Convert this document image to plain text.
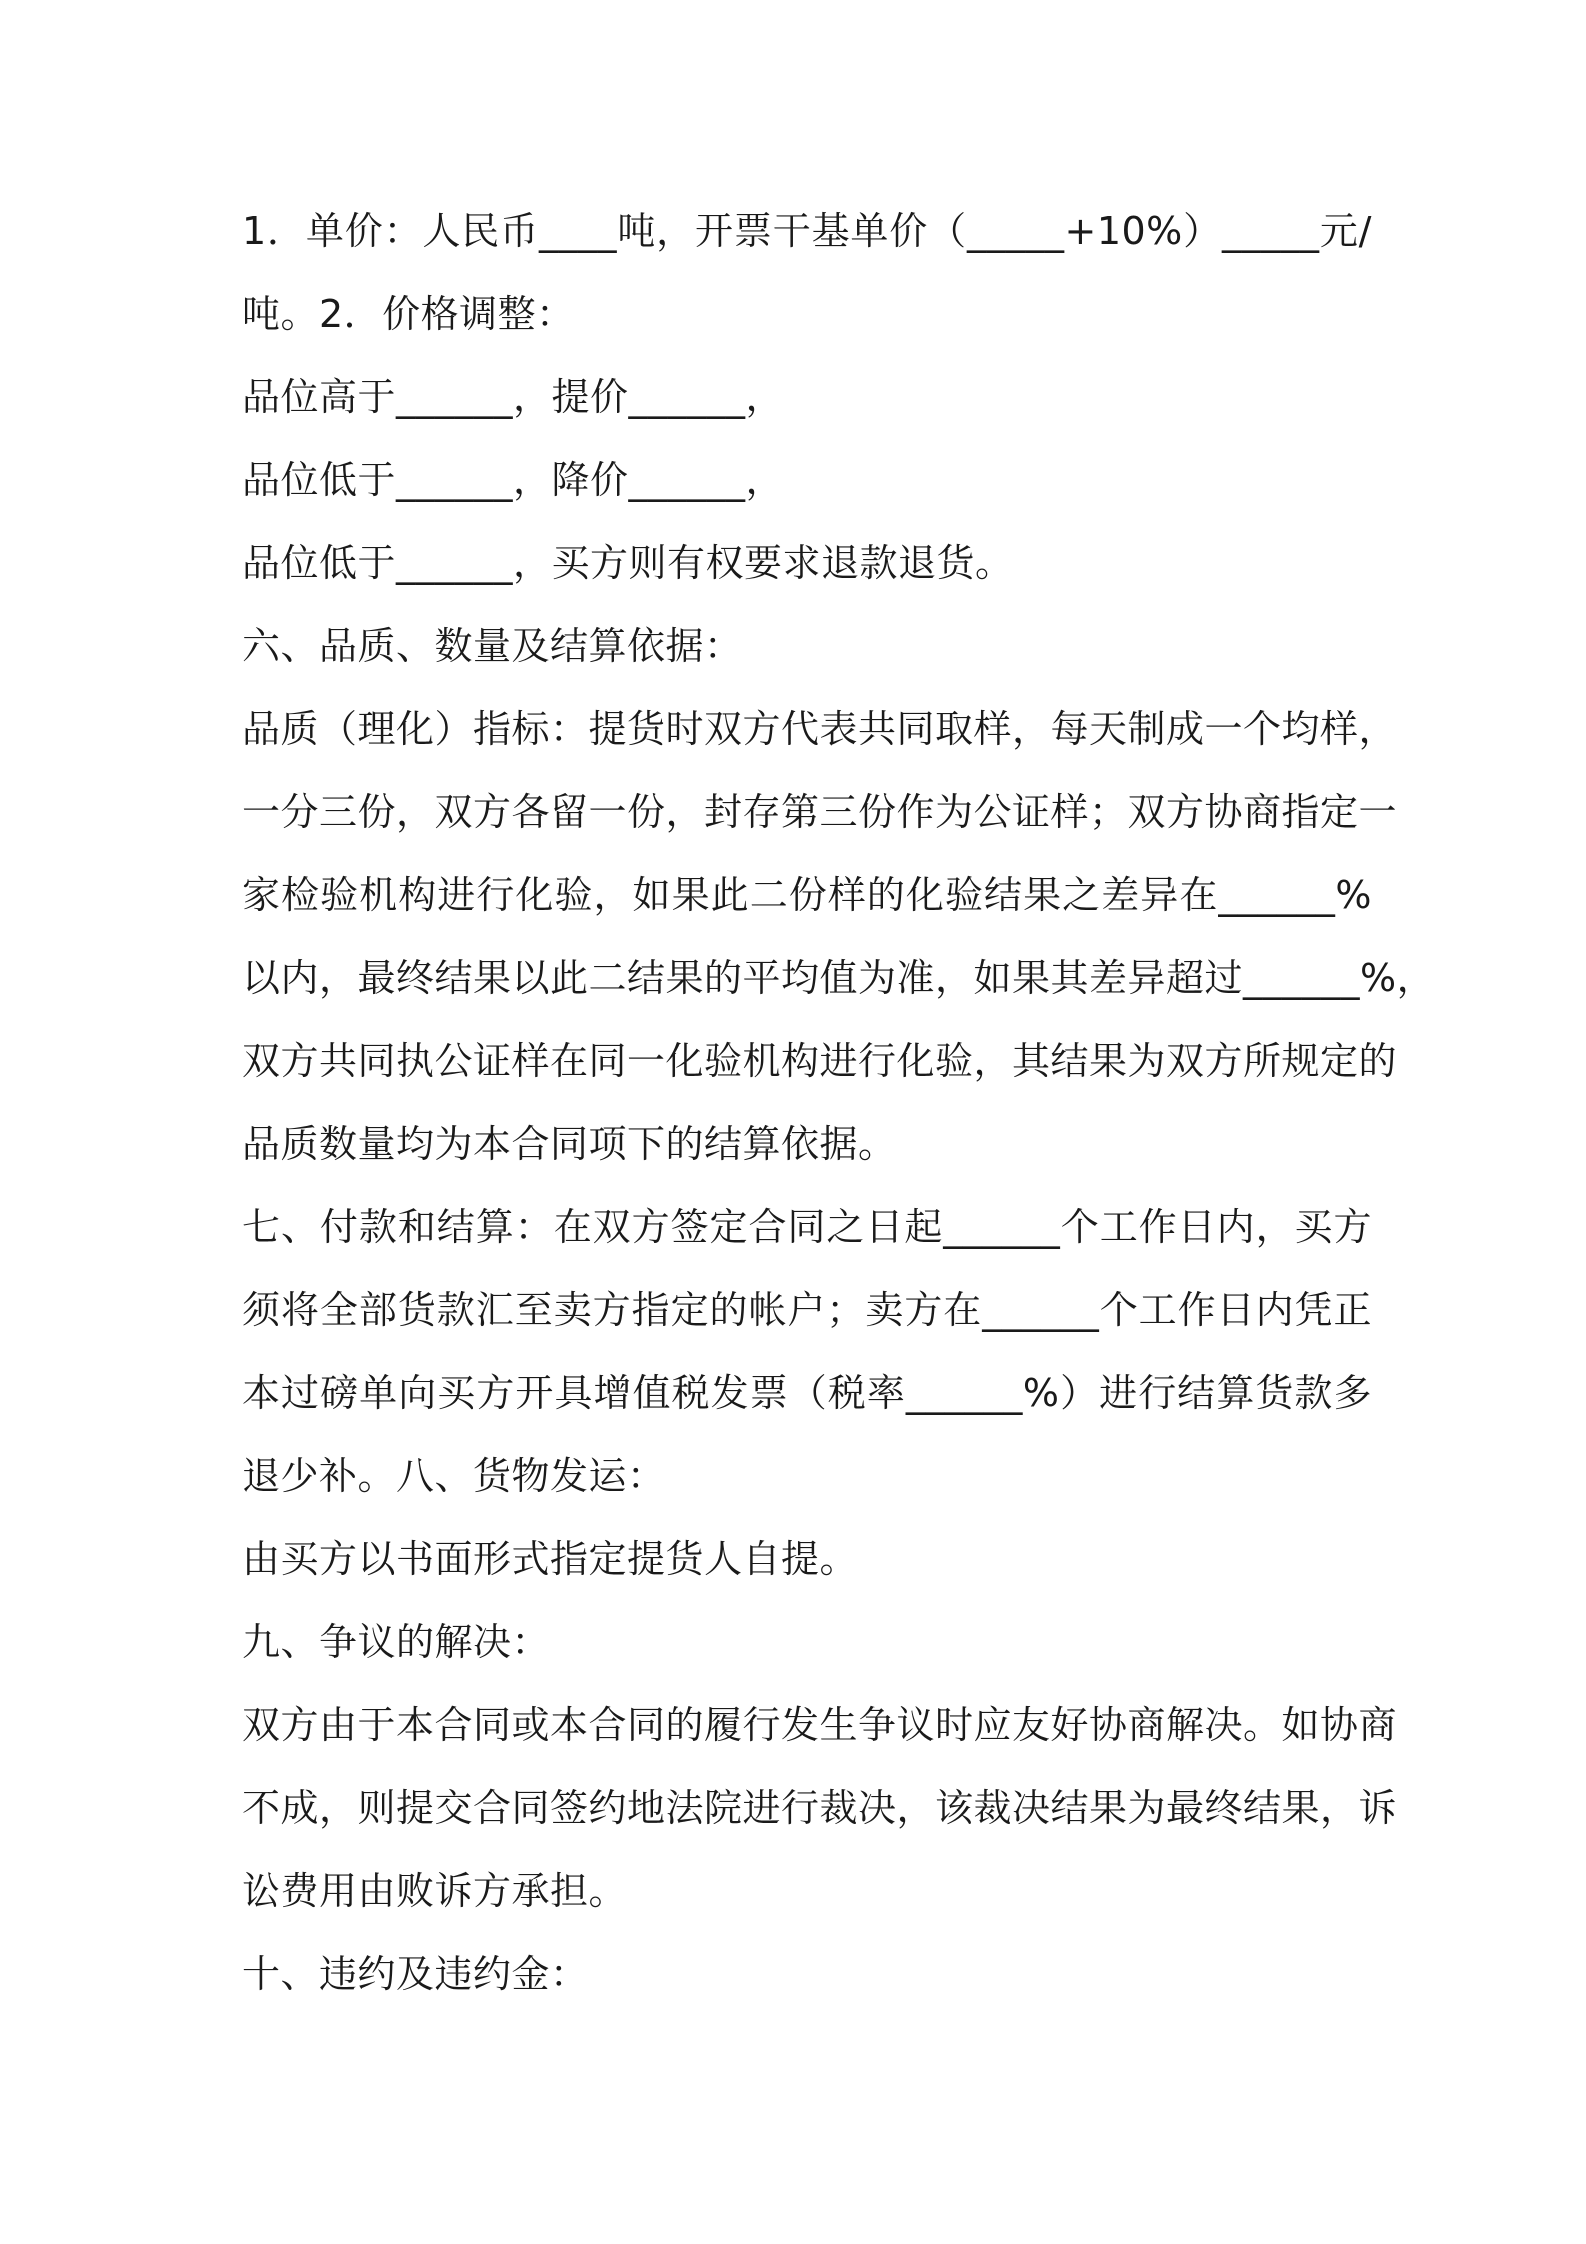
1．单价：人民币____吨，开票干基单价（_____+10%）_____元/
吨。2．价格调整：
品位高于______，提价______，
品位低于______，降价______，
品位低于______，买方则有权要求退款退货。
六、品质、数量及结算依据：
品质（理化）指标：提货时双方代表共同取样，每天制成一个均样，
一分三份，双方各留一份，封存第三份作为公证样；双方协商指定一
家检验机构进行化验，如果此二份样的化验结果之差异在______%
以内，最终结果以此二结果的平均值为准，如果其差异超过______%，
双方共同执公证样在同一化验机构进行化验，其结果为双方所规定的
品质数量均为本合同项下的结算依据。
七、付款和结算：在双方签定合同之日起______个工作日内，买方
须将全部货款汇至卖方指定的帐户；卖方在______个工作日内凭正
本过磅单向买方开具增值税发票（税率______%）进行结算货款多
退少补。八、货物发运：
由买方以书面形式指定提货人自提。
九、争议的解决：
双方由于本合同或本合同的履行发生争议时应友好协商解决。如协商
不成，则提交合同签约地法院进行裁决，该裁决结果为最终结果，诉
讼费用由败诉方承担。
十、违约及违约金：
